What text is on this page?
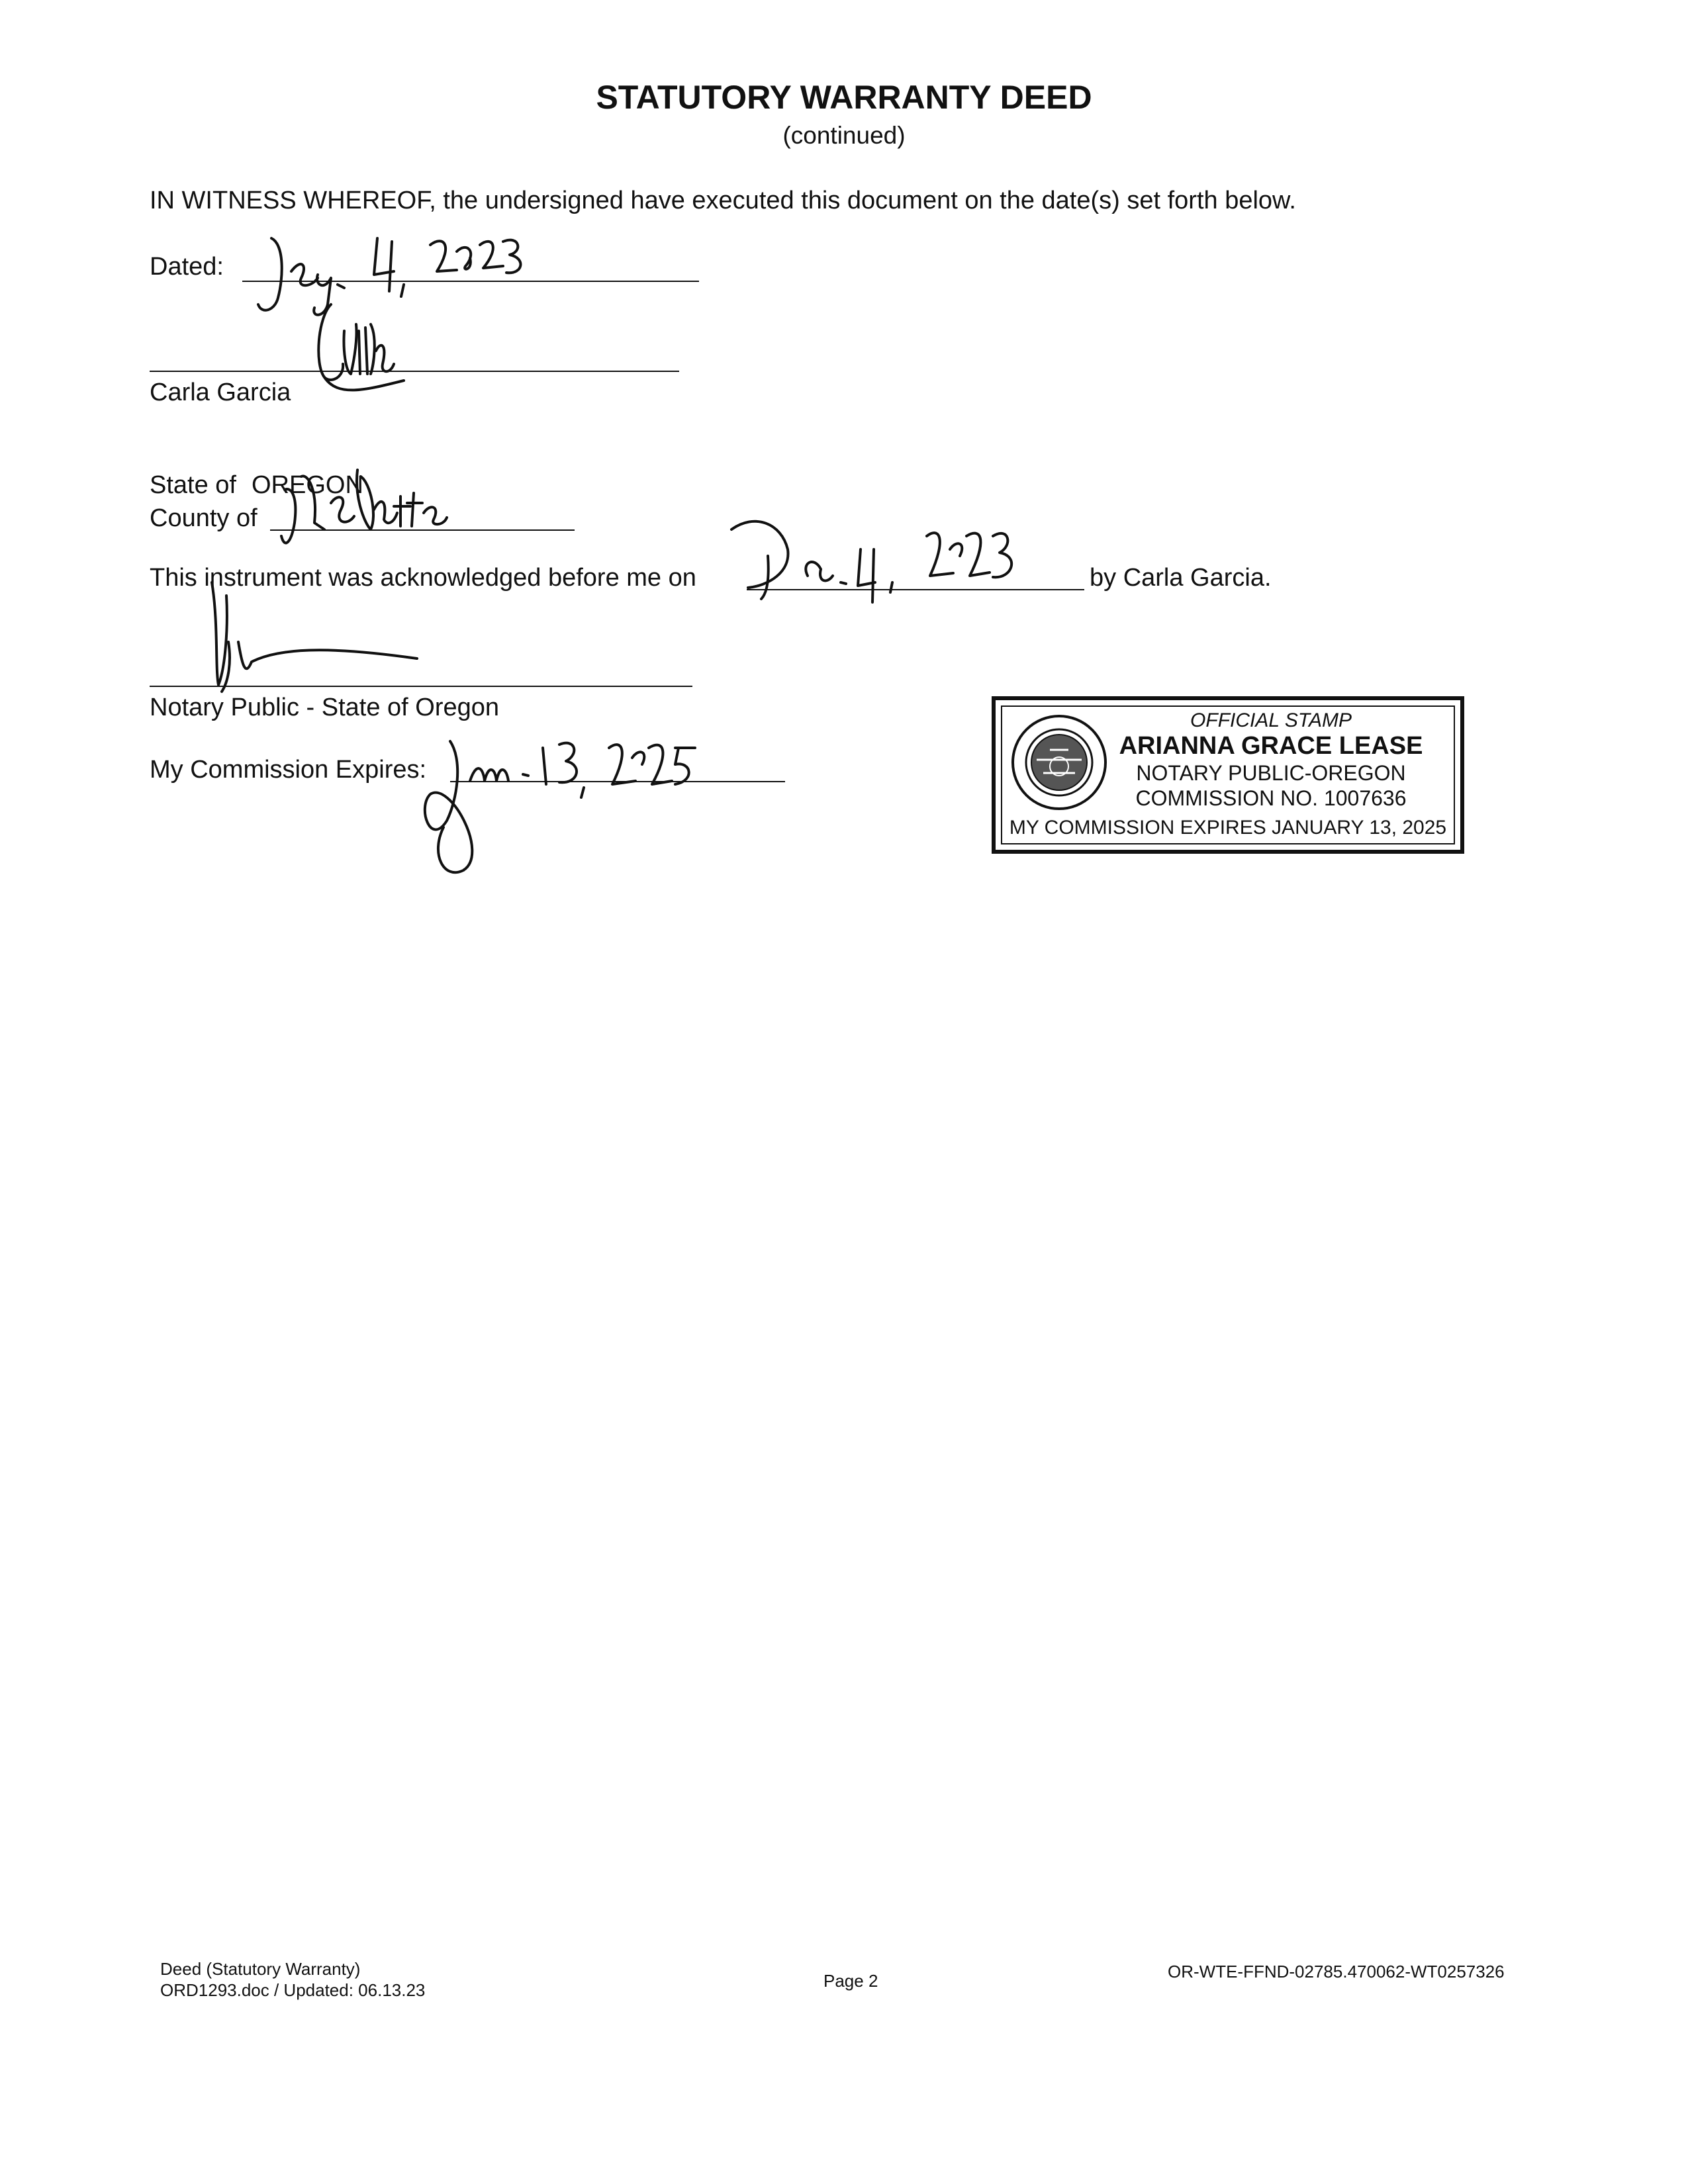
STATUTORY WARRANTY DEED
(continued)
IN WITNESS WHEREOF, the undersigned have executed this document on the date(s) set forth below.
Dated:
Carla Garcia
State of OREGON
County of
This instrument was acknowledged before me on	by Carla Garcia.
Notary Public - State of Oregon
My Commission Expires:
OFFICIAL STAMP
ARIANNA GRACE LEASE
NOTARY PUBLIC-OREGON
COMMISSION NO. 1007636
MY COMMISSION EXPIRES JANUARY 13, 2025
Deed (Statutory Warranty)
ORD1293.doc / Updated: 06.13.23	Page 2	OR-WTE-FFND-02785.470062-WT0257326
